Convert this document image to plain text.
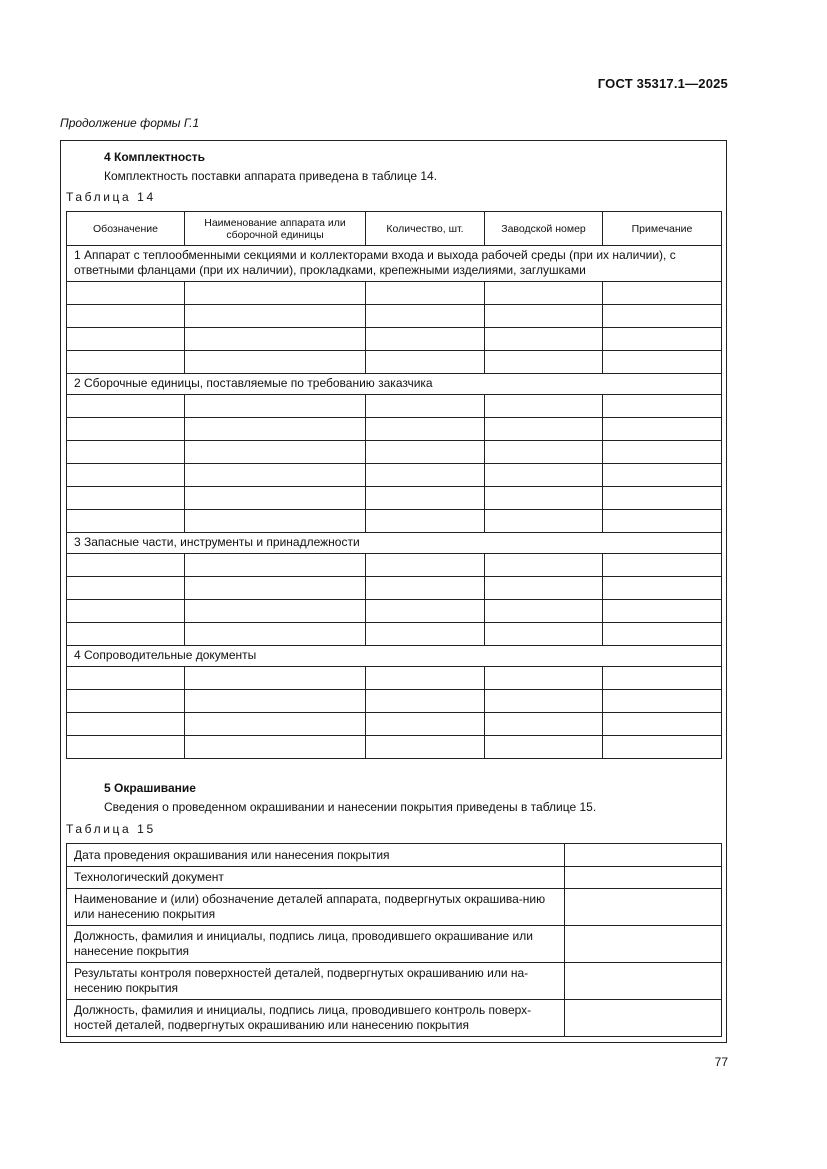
ГОСТ 35317.1—2025
Продолжение формы Г.1
4 Комплектность
Комплектность поставки аппарата приведена в таблице 14.
Таблица 14
Обозначение	Наименование аппарата или сборочной единицы	Количество, шт.	Заводской номер	Примечание
1 Аппарат с теплообменными секциями и коллекторами входа и выхода рабочей среды (при их наличии), с ответными фланцами (при их наличии), прокладками, крепежными изделиями, заглушками				

2 Сборочные единицы, поставляемые по требованию заказчика				

3 Запасные части, инструменты и принадлежности				

4 Сопроводительные документы				

5 Окрашивание
Сведения о проведенном окрашивании и нанесении покрытия приведены в таблице 15.
Таблица 15
Дата проведения окрашивания или нанесения покрытия	
Технологический документ	
Наименование и (или) обозначение деталей аппарата, подвергнутых окрашива-нию или нанесению покрытия	
Должность, фамилия и инициалы, подпись лица, проводившего окрашивание или нанесение покрытия	
Результаты контроля поверхностей деталей, подвергнутых окрашиванию или на-несению покрытия	
Должность, фамилия и инициалы, подпись лица, проводившего контроль поверх-ностей деталей, подвергнутых окрашиванию или нанесению покрытия	
77
